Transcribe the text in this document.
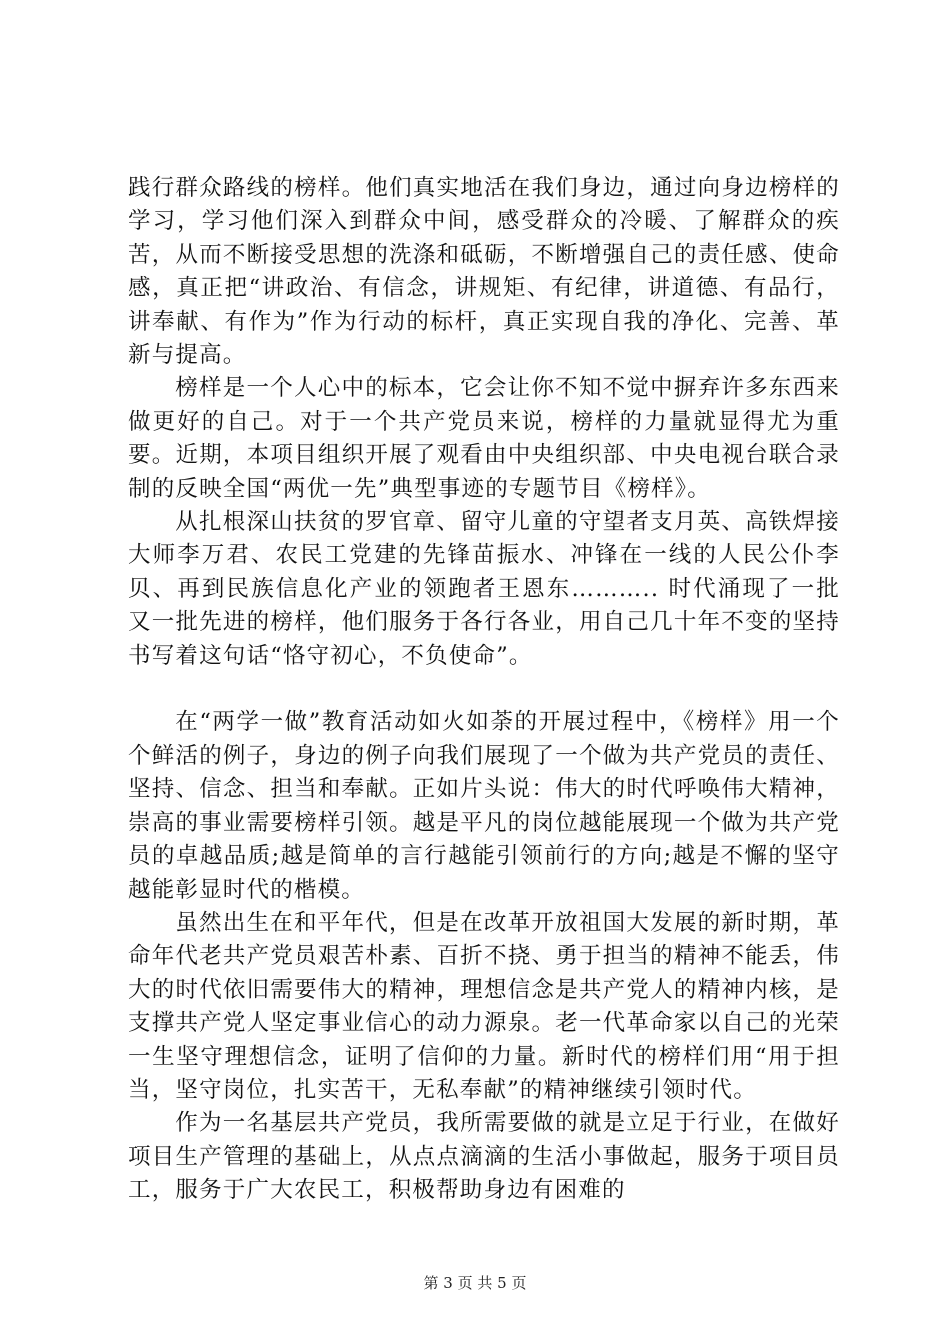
践行群众路线的榜样。他们真实地活在我们身边，通过向身边榜样的学习，学习他们深入到群众中间，感受群众的冷暖、了解群众的疾苦，从而不断接受思想的洗涤和砥砺，不断增强自己的责任感、使命感，真正把“讲政治、有信念，讲规矩、有纪律，讲道德、有品行，讲奉献、有作为”作为行动的标杆，真正实现自我的净化、完善、革新与提高。

榜样是一个人心中的标本，它会让你不知不觉中摒弃许多东西来做更好的自己。对于一个共产党员来说，榜样的力量就显得尤为重要。近期，本项目组织开展了观看由中央组织部、中央电视台联合录制的反映全国“两优一先”典型事迹的专题节目《榜样》。

从扎根深山扶贫的罗官章、留守儿童的守望者支月英、高铁焊接大师李万君、农民工党建的先锋苗振水、冲锋在一线的人民公仆李贝、再到民族信息化产业的领跑者王恩东……….. 时代涌现了一批又一批先进的榜样，他们服务于各行各业，用自己几十年不变的坚持书写着这句话“恪守初心，不负使命”。

在“两学一做”教育活动如火如荼的开展过程中，《榜样》用一个个鲜活的例子，身边的例子向我们展现了一个做为共产党员的责任、坚持、信念、担当和奉献。正如片头说：伟大的时代呼唤伟大精神，崇高的事业需要榜样引领。越是平凡的岗位越能展现一个做为共产党员的卓越品质;越是简单的言行越能引领前行的方向;越是不懈的坚守越能彰显时代的楷模。

虽然出生在和平年代，但是在改革开放祖国大发展的新时期，革命年代老共产党员艰苦朴素、百折不挠、勇于担当的精神不能丢，伟大的时代依旧需要伟大的精神，理想信念是共产党人的精神内核，是支撑共产党人坚定事业信心的动力源泉。老一代革命家以自己的光荣一生坚守理想信念，证明了信仰的力量。新时代的榜样们用“用于担当，坚守岗位，扎实苦干，无私奉献”的精神继续引领时代。

作为一名基层共产党员，我所需要做的就是立足于行业，在做好项目生产管理的基础上，从点点滴滴的生活小事做起，服务于项目员工，服务于广大农民工，积极帮助身边有困难的

第 3 页 共 5 页
